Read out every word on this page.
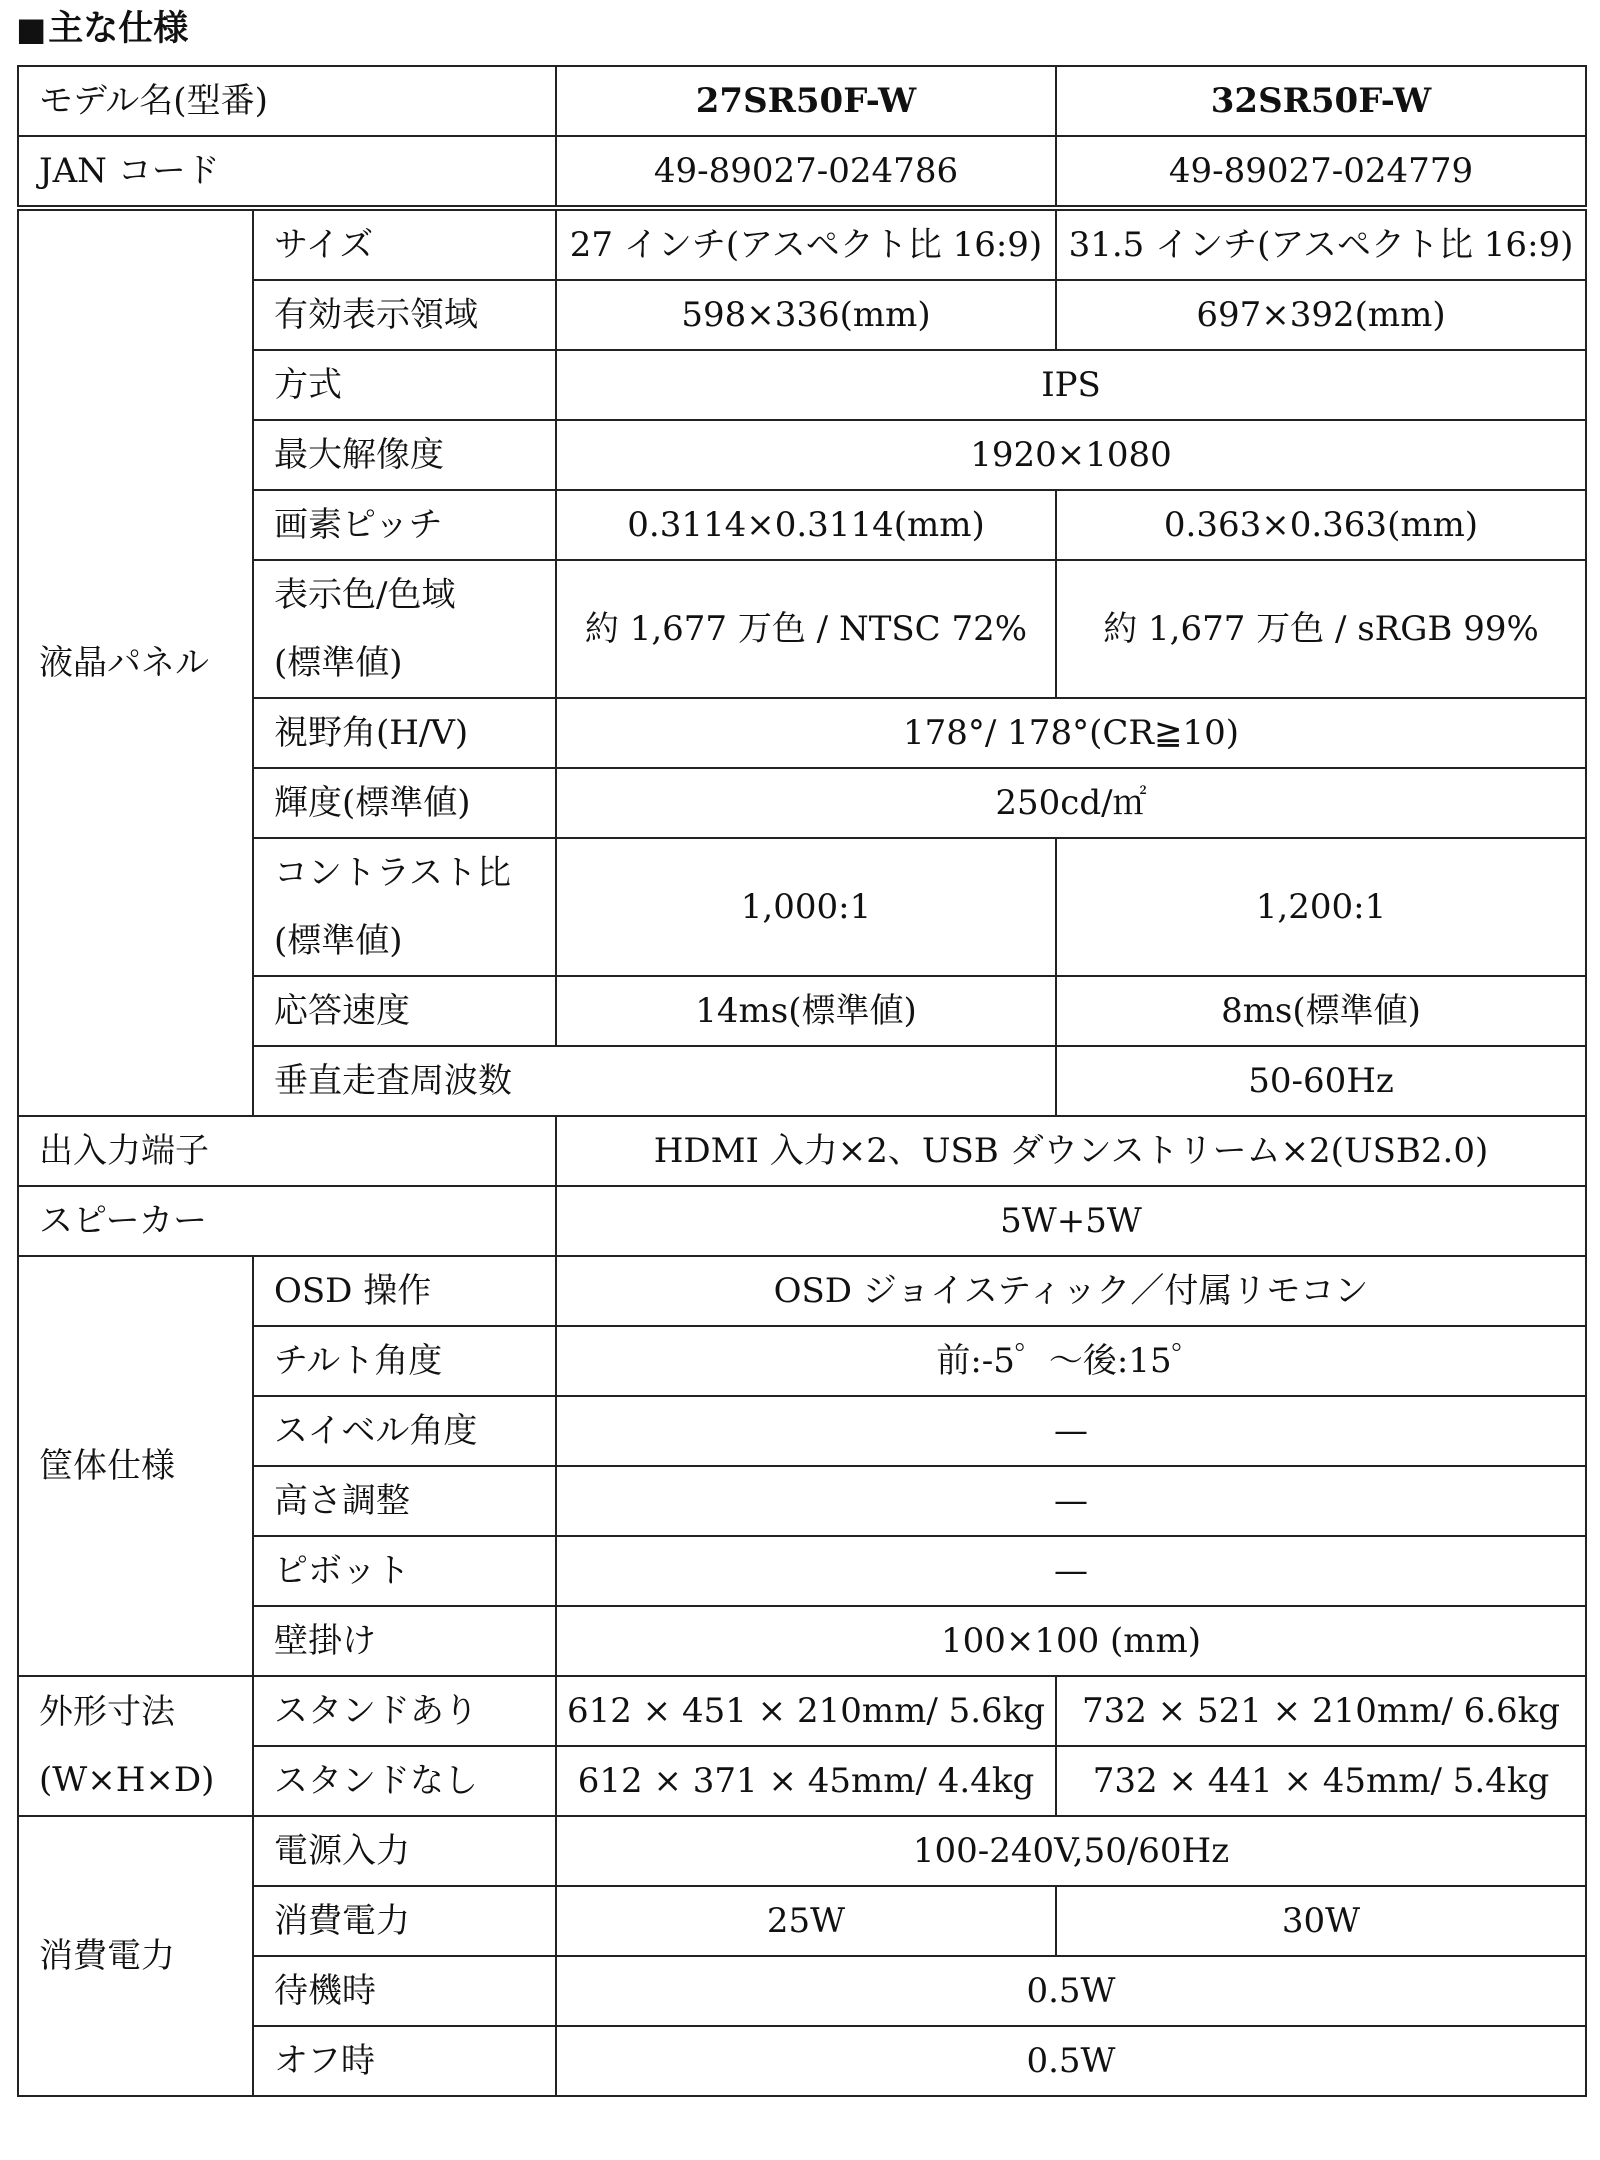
■主な仕様
モデル名(型番)		27SR50F-W	32SR50F-W
JAN コード		49-89027-024786	49-89027-024779
液晶パネル	サイズ	27 インチ(アスペクト比 16:9)	31.5 インチ(アスペクト比 16:9)
	有効表示領域	598×336(mm)	697×392(mm)
	方式	IPS	
	最大解像度	1920×1080	
	画素ピッチ	0.3114×0.3114(mm)	0.363×0.363(mm)

	表示色/色域
(標準値)	約 1,677 万色 / NTSC 72%	約 1,677 万色 / sRGB 99%
	視野角(H/V)	178°/ 178°(CR≧10)	
	輝度(標準値)	250cd/㎡	

	コントラスト比
(標準値)	1,000:1	1,200:1
	応答速度	14ms(標準値)	8ms(標準値)
	垂直走査周波数		50-60Hz
出入力端子		HDMI 入力×2、USB ダウンストリーム×2(USB2.0)	
スピーカー		5W+5W	
筐体仕様	OSD 操作	OSD ジョイスティック／付属リモコン	
	チルト角度	前:-5゜～後:15゜	
	スイベル角度	—	
	高さ調整	—	
	ピボット	—	
	壁掛け	100×100 (mm)	

外形寸法
(W×H×D)	スタンドあり	612 × 451 × 210mm/ 5.6kg	732 × 521 × 210mm/ 6.6kg
	スタンドなし	612 × 371 × 45mm/ 4.4kg	732 × 441 × 45mm/ 5.4kg
消費電力	電源入力	100-240V,50/60Hz	
	消費電力	25W	30W
	待機時	0.5W	
	オフ時	0.5W	
